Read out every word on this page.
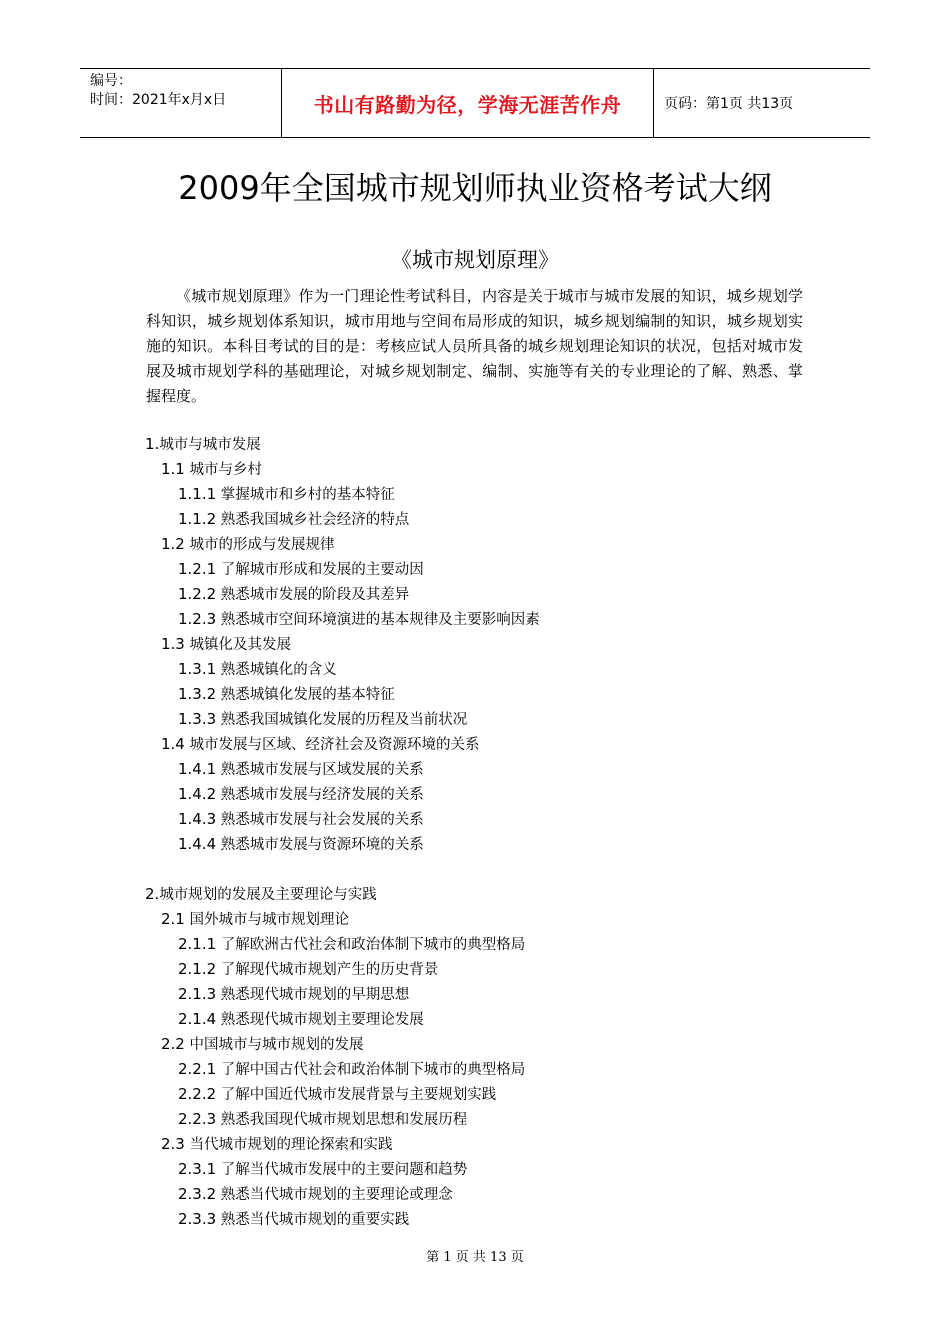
编号：
时间：2021年x月x日	书山有路勤为径，学海无涯苦作舟	页码：第1页 共13页
2009年全国城市规划师执业资格考试大纲
《城市规划原理》

《城市规划原理》作为一门理论性考试科目，内容是关于城市与城市发展的知识，城乡规划学科知识，城乡规划体系知识，城市用地与空间布局形成的知识，城乡规划编制的知识，城乡规划实施的知识。本科目考试的目的是：考核应试人员所具备的城乡规划理论知识的状况，包括对城市发展及城市规划学科的基础理论，对城乡规划制定、编制、实施等有关的专业理论的了解、熟悉、掌握程度。

1.城市与城市发展
1.1 城市与乡村
1.1.1 掌握城市和乡村的基本特征
1.1.2 熟悉我国城乡社会经济的特点
1.2 城市的形成与发展规律
1.2.1 了解城市形成和发展的主要动因
1.2.2 熟悉城市发展的阶段及其差异
1.2.3 熟悉城市空间环境演进的基本规律及主要影响因素
1.3 城镇化及其发展
1.3.1 熟悉城镇化的含义
1.3.2 熟悉城镇化发展的基本特征
1.3.3 熟悉我国城镇化发展的历程及当前状况
1.4 城市发展与区域、经济社会及资源环境的关系
1.4.1 熟悉城市发展与区域发展的关系
1.4.2 熟悉城市发展与经济发展的关系
1.4.3 熟悉城市发展与社会发展的关系
1.4.4 熟悉城市发展与资源环境的关系
2.城市规划的发展及主要理论与实践
2.1 国外城市与城市规划理论
2.1.1 了解欧洲古代社会和政治体制下城市的典型格局
2.1.2 了解现代城市规划产生的历史背景
2.1.3 熟悉现代城市规划的早期思想
2.1.4 熟悉现代城市规划主要理论发展
2.2 中国城市与城市规划的发展
2.2.1 了解中国古代社会和政治体制下城市的典型格局
2.2.2 了解中国近代城市发展背景与主要规划实践
2.2.3 熟悉我国现代城市规划思想和发展历程
2.3 当代城市规划的理论探索和实践
2.3.1 了解当代城市发展中的主要问题和趋势
2.3.2 熟悉当代城市规划的主要理论或理念
2.3.3 熟悉当代城市规划的重要实践
第 1 页 共 13 页
